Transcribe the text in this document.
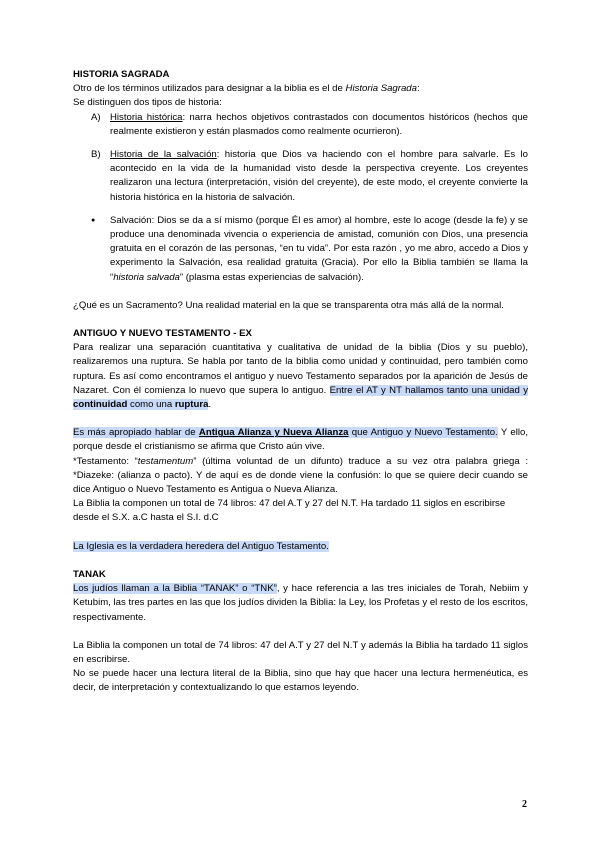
HISTORIA SAGRADA

Otro de los términos utilizados para designar a la biblia es el de Historia Sagrada:

Se distinguen dos tipos de historia:

A) Historia histórica: narra hechos objetivos contrastados con documentos históricos (hechos que realmente existieron y están plasmados como realmente ocurrieron).
B) Historia de la salvación: historia que Dios va haciendo con el hombre para salvarle. Es lo acontecido en la vida de la humanidad visto desde la perspectiva creyente. Los creyentes realizaron una lectura (interpretación, visión del creyente), de este modo, el creyente convierte la historia histórica en la historia de salvación.
●	Salvación: Dios se da a sí mismo (porque Él es amor) al hombre, este lo acoge (desde la fe) y se produce una denominada vivencia o experiencia de amistad, comunión con Dios, una presencia gratuita en el corazón de las personas, “en tu vida”. Por esta razón , yo me abro, accedo a Dios y experimento la Salvación, esa realidad gratuita (Gracia). Por ello la Biblia también se llama la “historia salvada” (plasma estas experiencias de salvación).

¿Qué es un Sacramento? Una realidad material en la que se transparenta otra más allá de la normal.

ANTIGUO Y NUEVO TESTAMENTO - EX

Para realizar una separación cuantitativa y cualitativa de unidad de la biblia (Dios y su pueblo), realizaremos una ruptura. Se habla por tanto de la biblia como unidad y continuidad, pero también como ruptura. Es así como encontramos el antiguo y nuevo Testamento separados por la aparición de Jesús de Nazaret. Con él comienza lo nuevo que supera lo antiguo. Entre el AT y NT hallamos tanto una unidad y continuidad como una ruptura.

Es más apropiado hablar de Antigua Alianza y Nueva Alianza que Antiguo y Nuevo Testamento. Y ello, porque desde el cristianismo se afirma que Cristo aún vive.

*Testamento: “testamentum” (última voluntad de un difunto) traduce a su vez otra palabra griega : *Diazeke: (alianza o pacto). Y de aquí es de donde viene la confusión: lo que se quiere decir cuando se dice Antiguo o Nuevo Testamento es Antigua o Nueva Alianza.

La Biblia la componen un total de 74 libros: 47 del A.T y 27 del N.T. Ha tardado 11 siglos en escribirse desde el S.X. a.C hasta el S.I. d.C

La Iglesia es la verdadera heredera del Antiguo Testamento.

TANAK

Los judíos llaman a la Biblia “TANAK” o “TNK”, y hace referencia a las tres iniciales de Torah, Nebiim y Ketubim, las tres partes en las que los judíos dividen la Biblia: la Ley, los Profetas y el resto de los escritos, respectivamente.

La Biblia la componen un total de 74 libros: 47 del A.T y 27 del N.T y además la Biblia ha tardado 11 siglos en escribirse.

No se puede hacer una lectura literal de la Biblia, sino que hay que hacer una lectura hermenéutica, es decir, de interpretación y contextualizando lo que estamos leyendo.

2
